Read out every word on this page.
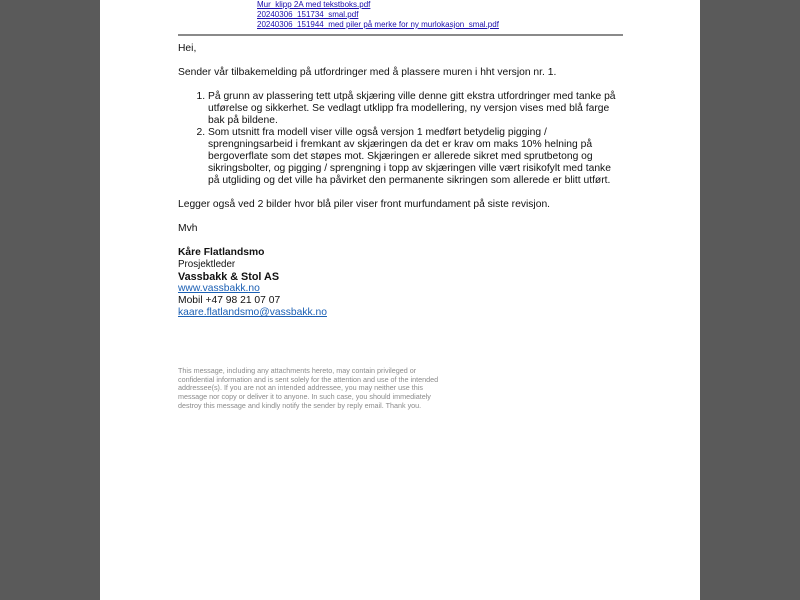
Mur_klipp 2A med tekstboks.pdf
20240306_151734_smal.pdf
20240306_151944_med piler på merke for ny murlokasjon_smal.pdf

Hei,

Sender vår tilbakemelding på utfordringer med å plassere muren i hht versjon nr. 1.

1. På grunn av plassering tett utpå skjæring ville denne gitt ekstra utfordringer med tanke på utførelse og sikkerhet. Se vedlagt utklipp fra modellering, ny versjon vises med blå farge bak på bildene.
2. Som utsnitt fra modell viser ville også versjon 1 medført betydelig pigging / sprengningsarbeid i fremkant av skjæringen da det er krav om maks 10% helning på bergoverflate som det støpes mot. Skjæringen er allerede sikret med sprutbetong og sikringsbolter, og pigging / sprengning i topp av skjæringen ville vært risikofylt med tanke på utgliding og det ville ha påvirket den permanente sikringen som allerede er blitt utført.

Legger også ved 2 bilder hvor blå piler viser front murfundament på siste revisjon.

Mvh

Kåre Flatlandsmo

Prosjektleder

Vassbakk & Stol AS

www.vassbakk.no

Mobil +47 98 21 07 07

kaare.flatlandsmo@vassbakk.no
This message, including any attachments hereto, may contain privileged or confidential information and is sent solely for the attention and use of the intended addressee(s). If you are not an intended addressee, you may neither use this message nor copy or deliver it to anyone. In such case, you should immediately destroy this message and kindly notify the sender by reply email. Thank you.
